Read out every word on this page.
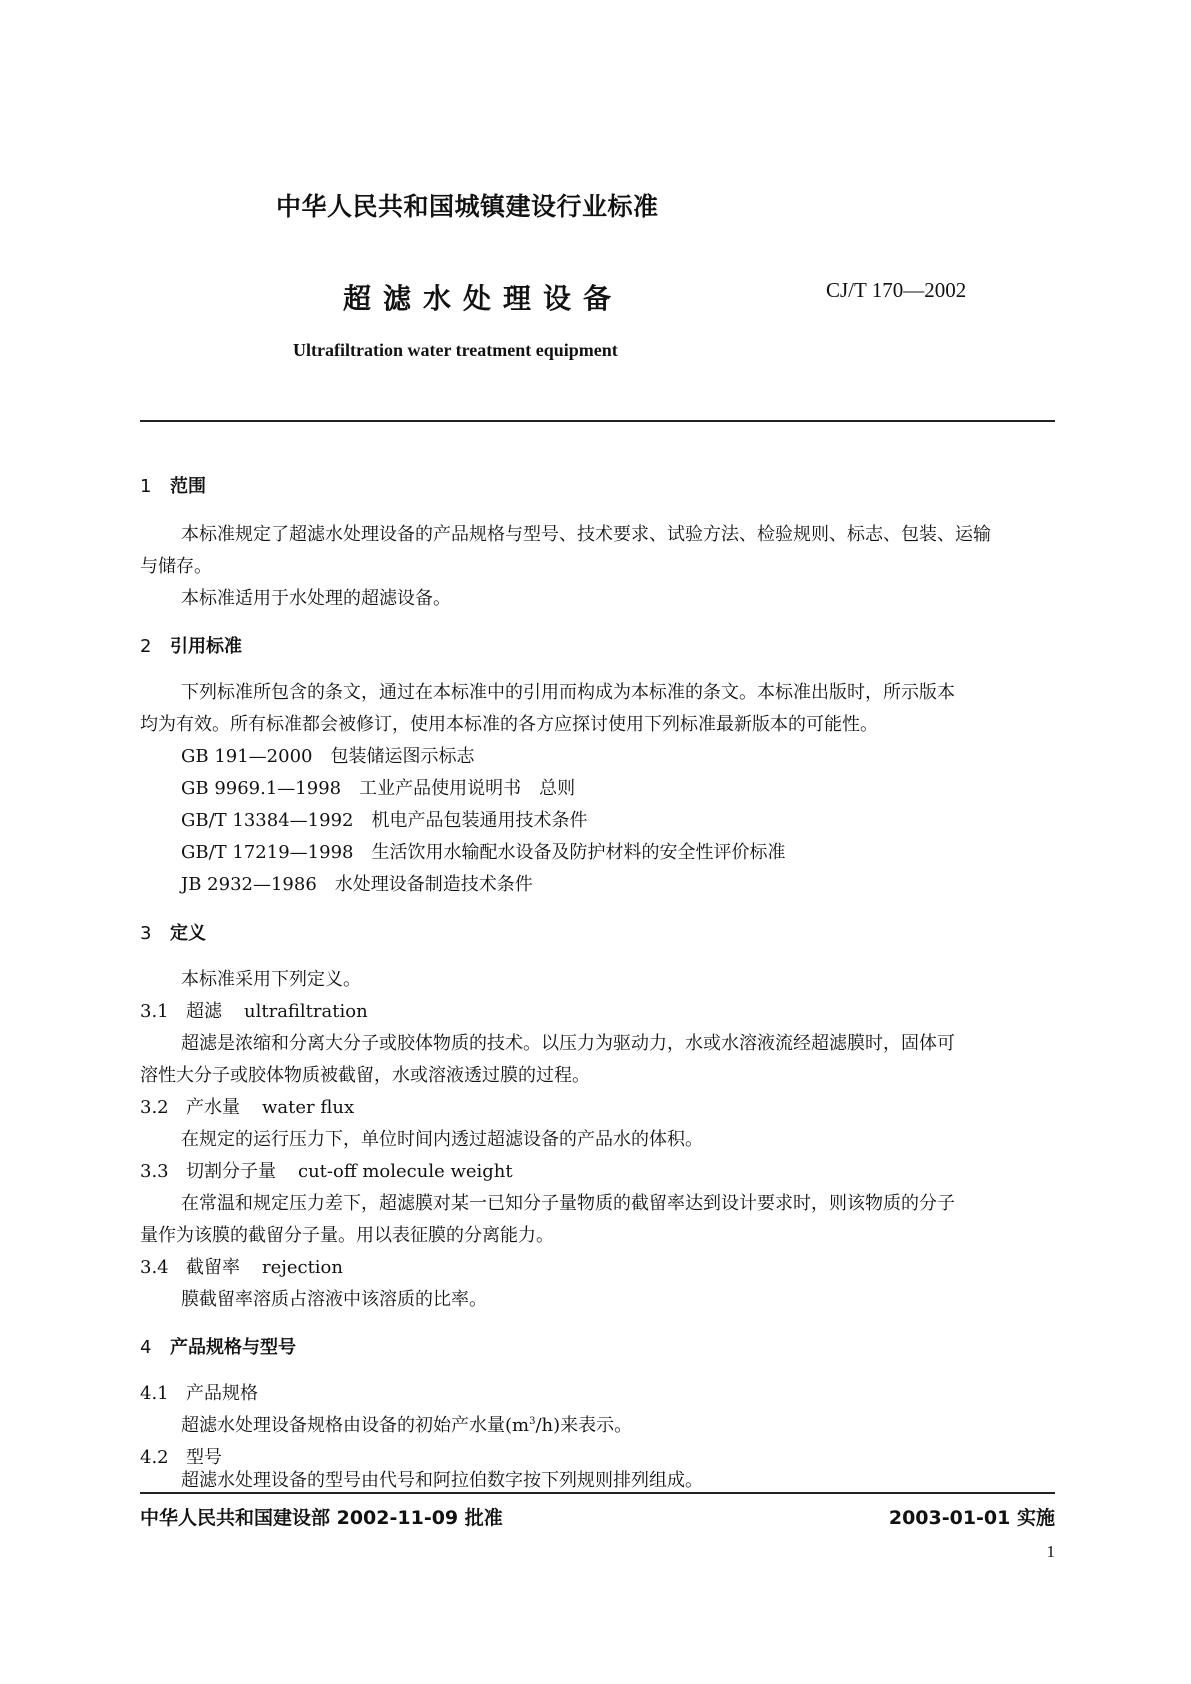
中华人民共和国城镇建设行业标准
超滤水处理设备	CJ/T 170—2002
Ultrafiltration water treatment equipment
1 范围
本标准规定了超滤水处理设备的产品规格与型号、技术要求、试验方法、检验规则、标志、包装、运输
与储存。
本标准适用于水处理的超滤设备。
2 引用标准
下列标准所包含的条文，通过在本标准中的引用而构成为本标准的条文。本标准出版时，所示版本
均为有效。所有标准都会被修订，使用本标准的各方应探讨使用下列标准最新版本的可能性。
GB 191—2000 包装储运图示标志
GB 9969.1—1998 工业产品使用说明书　总则
GB/T 13384—1992 机电产品包装通用技术条件
GB/T 17219—1998 生活饮用水输配水设备及防护材料的安全性评价标准
JB 2932—1986 水处理设备制造技术条件
3 定义
本标准采用下列定义。
3.1 超滤 ultrafiltration
超滤是浓缩和分离大分子或胶体物质的技术。以压力为驱动力，水或水溶液流经超滤膜时，固体可
溶性大分子或胶体物质被截留，水或溶液透过膜的过程。
3.2 产水量 water flux
在规定的运行压力下，单位时间内透过超滤设备的产品水的体积。
3.3 切割分子量 cut-off molecule weight
在常温和规定压力差下，超滤膜对某一已知分子量物质的截留率达到设计要求时，则该物质的分子
量作为该膜的截留分子量。用以表征膜的分离能力。
3.4 截留率 rejection
膜截留率溶质占溶液中该溶质的比率。
4 产品规格与型号
4.1 产品规格
超滤水处理设备规格由设备的初始产水量$(m^3/h)$来表示。
4.2 型号
超滤水处理设备的型号由代号和阿拉伯数字按下列规则排列组成。
中华人民共和国建设部 2002-11-09 批准	2003-01-01 实施
1
